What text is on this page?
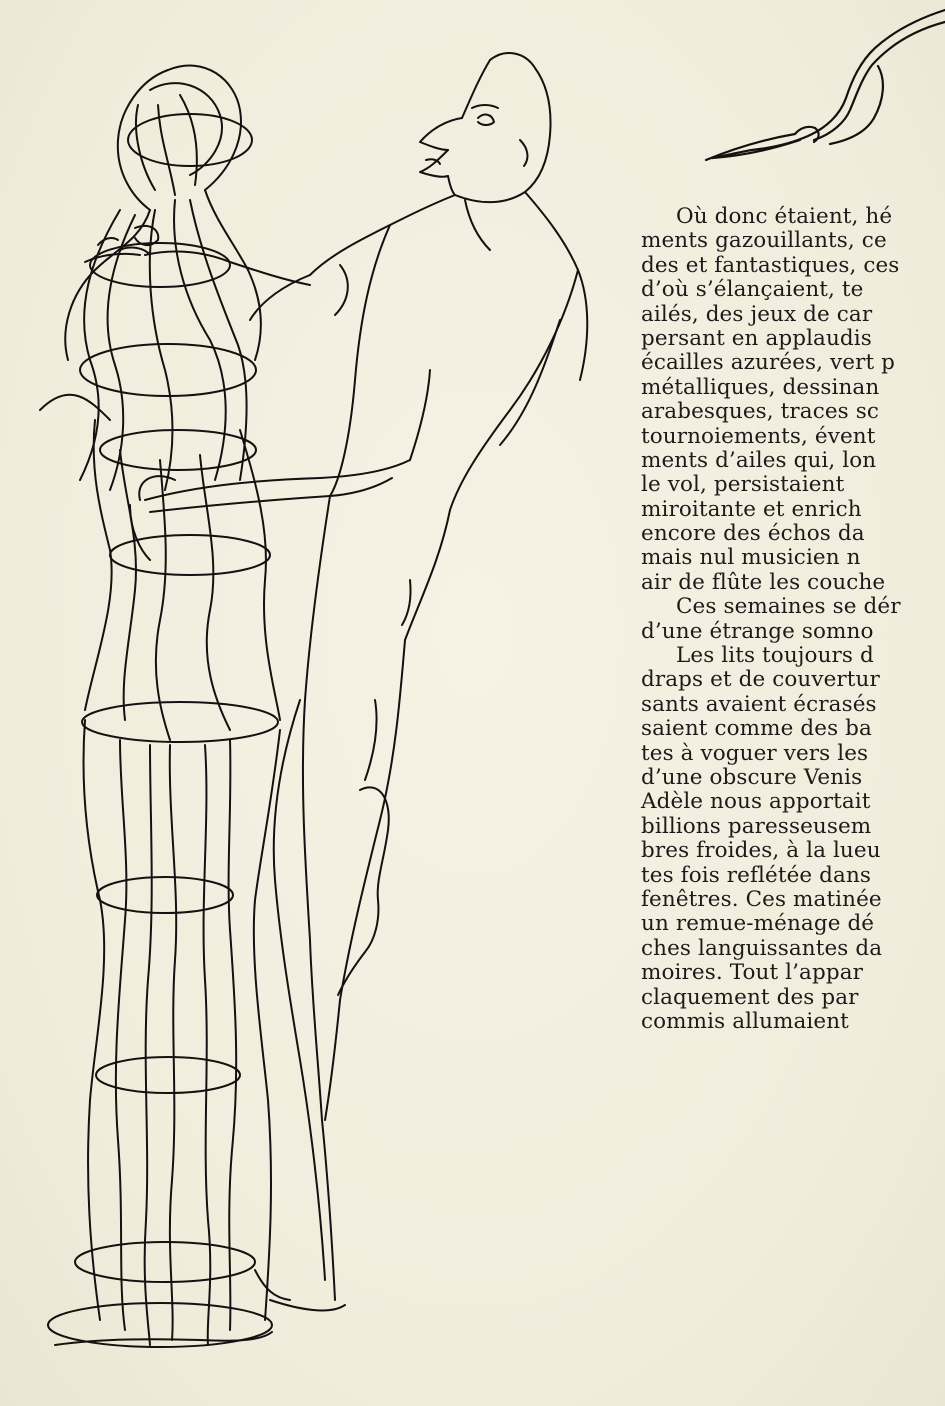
Où donc étaient, hé
ments gazouillants, ce
des et fantastiques, ces
d’où s’élançaient, te
ailés, des jeux de car
persant en applaudis
écailles azurées, vert p
métalliques, dessinan
arabesques, traces sc
tournoiements, évent
ments d’ailes qui, lon
le vol, persistaient
miroitante et enrich
encore des échos da
mais nul musicien n
air de flûte les couche
Ces semaines se dér
d’une étrange somno
Les lits toujours d
draps et de couvertur
sants avaient écrasés
saient comme des ba
tes à voguer vers les
d’une obscure Venis
Adèle nous apportait
billions paresseusem
bres froides, à la lueu
tes fois reflétée dans
fenêtres. Ces matinée
un remue-ménage dé
ches languissantes da
moires. Tout l’appar
claquement des par
commis allumaient
